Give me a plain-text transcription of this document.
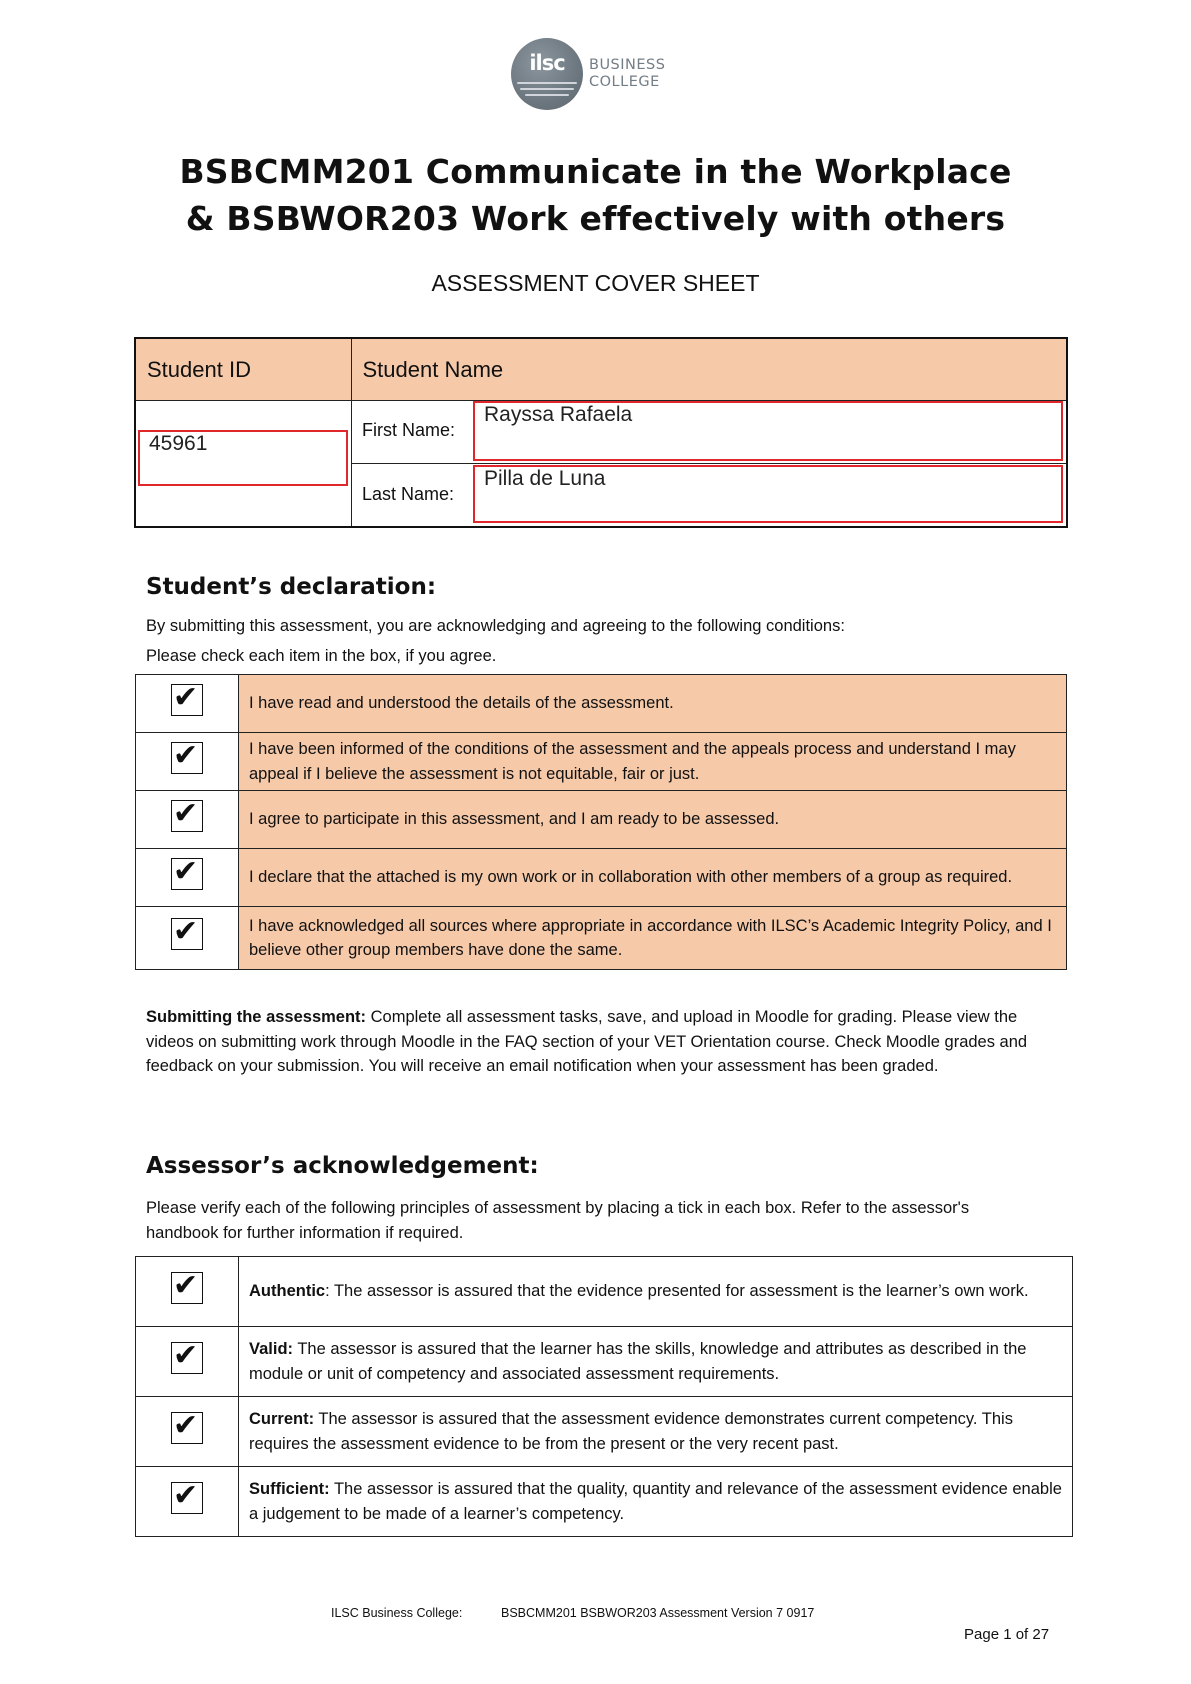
ilsc	BUSINESS
COLLEGE
BSBCMM201 Communicate in the Workplace
& BSBWOR203 Work effectively with others
ASSESSMENT COVER SHEET
Student ID	Student Name

45961
First Name:
Rayssa Rafaela
Last Name:
Pilla de Luna
Student’s declaration:
By submitting this assessment, you are acknowledging and agreeing to the following conditions:
Please check each item in the box, if you agree.
✔	I have read and understood the details of the assessment.

✔	I have been informed of the conditions of the assessment and the appeals process and understand I may appeal if I believe the assessment is not equitable, fair or just.

✔	I agree to participate in this assessment, and I am ready to be assessed.

✔	I declare that the attached is my own work or in collaboration with other members of a group as required.

✔	I have acknowledged all sources where appropriate in accordance with ILSC’s Academic Integrity Policy, and I believe other group members have done the same.
Submitting the assessment: Complete all assessment tasks, save, and upload in Moodle for grading. Please view the videos on submitting work through Moodle in the FAQ section of your VET Orientation course. Check Moodle grades and feedback on your submission. You will receive an email notification when your assessment has been graded.
Assessor’s acknowledgement:
Please verify each of the following principles of assessment by placing a tick in each box. Refer to the assessor's handbook for further information if required.
✔	Authentic: The assessor is assured that the evidence presented for assessment is the learner’s own work.

✔	Valid: The assessor is assured that the learner has the skills, knowledge and attributes as described in the module or unit of competency and associated assessment requirements.

✔	Current: The assessor is assured that the assessment evidence demonstrates current competency. This requires the assessment evidence to be from the present or the very recent past.

✔	Sufficient: The assessor is assured that the quality, quantity and relevance of the assessment evidence enable a judgement to be made of a learner’s competency.
ILSC Business College:	BSBCMM201 BSBWOR203 Assessment Version 7 0917
Page 1 of 27
